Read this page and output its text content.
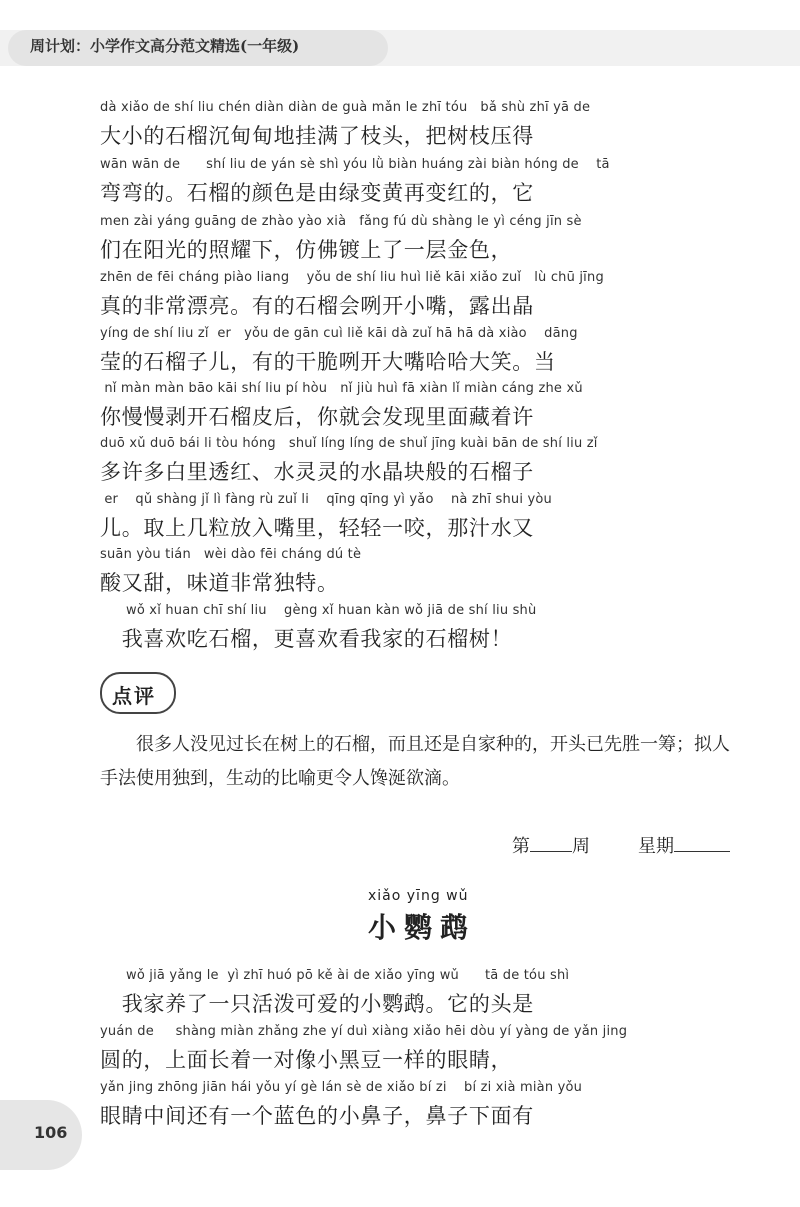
周计划：小学作文高分范文精选(一年级)
dà xiǎo de shí liu chén diàn diàn de guà mǎn le zhī tóu   bǎ shù zhī yā de
大小的石榴沉甸甸地挂满了枝头，把树枝压得
wān wān de      shí liu de yán sè shì yóu lǜ biàn huáng zài biàn hóng de    tā
弯弯的。石榴的颜色是由绿变黄再变红的，它
men zài yáng guāng de zhào yào xià   fǎng fú dù shàng le yì céng jīn sè
们在阳光的照耀下，仿佛镀上了一层金色，
zhēn de fēi cháng piào liang    yǒu de shí liu huì liě kāi xiǎo zuǐ   lù chū jīng
真的非常漂亮。有的石榴会咧开小嘴，露出晶
yíng de shí liu zǐ  er   yǒu de gān cuì liě kāi dà zuǐ hā hā dà xiào    dāng
莹的石榴子儿，有的干脆咧开大嘴哈哈大笑。当
nǐ màn màn bāo kāi shí liu pí hòu   nǐ jiù huì fā xiàn lǐ miàn cáng zhe xǔ
你慢慢剥开石榴皮后，你就会发现里面藏着许
duō xǔ duō bái li tòu hóng   shuǐ líng líng de shuǐ jīng kuài bān de shí liu zǐ
多许多白里透红、水灵灵的水晶块般的石榴子
er    qǔ shàng jǐ lì fàng rù zuǐ li    qīng qīng yì yǎo    nà zhī shui yòu
儿。取上几粒放入嘴里，轻轻一咬，那汁水又
suān yòu tián   wèi dào fēi cháng dú tè
酸又甜，味道非常独特。
wǒ xǐ huan chī shí liu    gèng xǐ huan kàn wǒ jiā de shí liu shù
　我喜欢吃石榴，更喜欢看我家的石榴树！
点评
很多人没见过长在树上的石榴，而且还是自家种的，开头已先胜一筹；拟人手法使用独到，生动的比喻更令人馋涎欲滴。
第 周	星期
xiǎo yīng wǔ
小鹦鹉
wǒ jiā yǎng le  yì zhī huó pō kě ài de xiǎo yīng wǔ      tā de tóu shì
　我家养了一只活泼可爱的小鹦鹉。它的头是
yuán de     shàng miàn zhǎng zhe yí duì xiàng xiǎo hēi dòu yí yàng de yǎn jing
圆的，上面长着一对像小黑豆一样的眼睛，
yǎn jing zhōng jiān hái yǒu yí gè lán sè de xiǎo bí zi    bí zi xià miàn yǒu
眼睛中间还有一个蓝色的小鼻子，鼻子下面有
106
